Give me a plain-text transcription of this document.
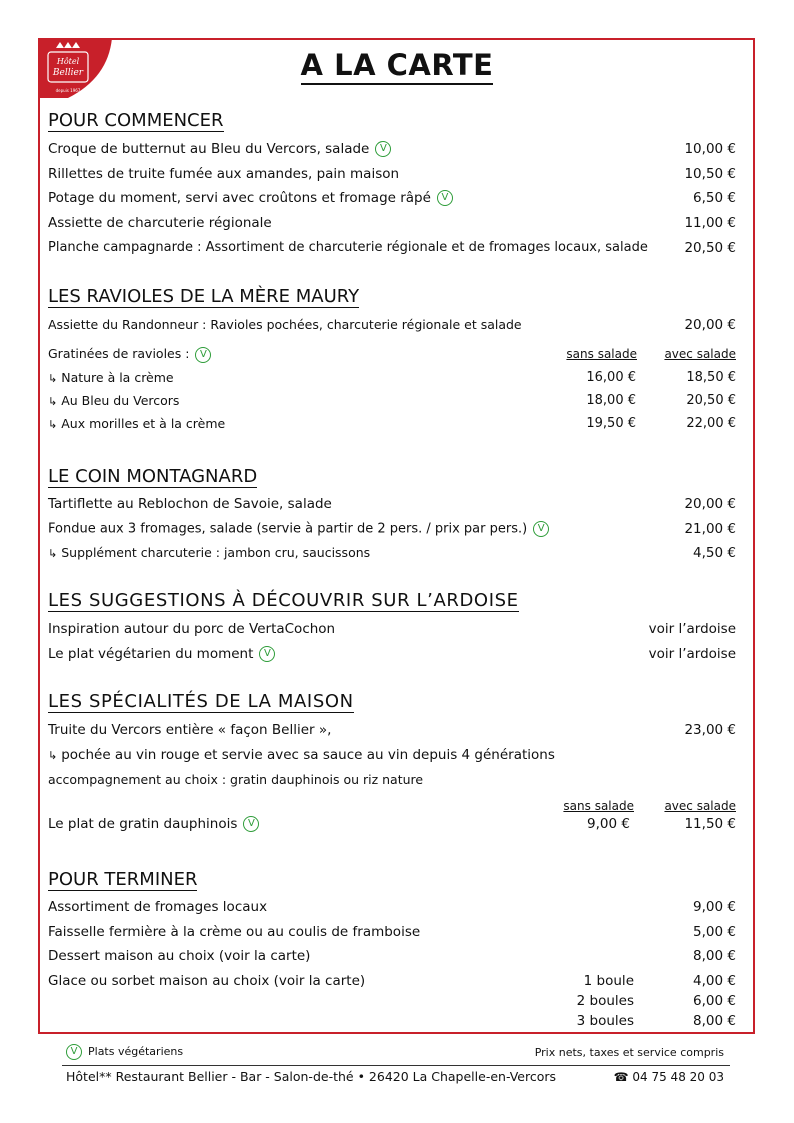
Hôtel
Bellier
depuis 1967
A LA CARTE
POUR COMMENCER
Croque de butternut au Bleu du Vercors, salade V	10,00 €
Rillettes de truite fumée aux amandes, pain maison	10,50 €
Potage du moment, servi avec croûtons et fromage râpé V	6,50 €
Assiette de charcuterie régionale	11,00 €
Planche campagnarde : Assortiment de charcuterie régionale et de fromages locaux, salade	20,50 €
LES RAVIOLES DE LA MÈRE MAURY
Assiette du Randonneur : Ravioles pochées, charcuterie régionale et salade	20,00 €
Gratinées de ravioles : V	sans salade avec salade
↳ Nature à la crème	16,00 €	18,50 €
↳ Au Bleu du Vercors	18,00 €	20,50 €
↳ Aux morilles et à la crème	19,50 €	22,00 €
LE COIN MONTAGNARD
Tartiflette au Reblochon de Savoie, salade	20,00 €
Fondue aux 3 fromages, salade (servie à partir de 2 pers. / prix par pers.) V	21,00 €
↳ Supplément charcuterie : jambon cru, saucissons	4,50 €
LES SUGGESTIONS À DÉCOUVRIR SUR L’ARDOISE
Inspiration autour du porc de VertaCochon	voir l’ardoise
Le plat végétarien du moment V	voir l’ardoise
LES SPÉCIALITÉS DE LA MAISON
Truite du Vercors entière « façon Bellier »,	23,00 €
↳ pochée au vin rouge et servie avec sa sauce au vin depuis 4 générations
accompagnement au choix : gratin dauphinois ou riz nature
sans salade	avec salade
Le plat de gratin dauphinois V	9,00 €	11,50 €
POUR TERMINER
Assortiment de fromages locaux	9,00 €
Faisselle fermière à la crème ou au coulis de framboise	5,00 €
Dessert maison au choix (voir la carte)	8,00 €
Glace ou sorbet maison au choix (voir la carte)	1 boule	4,00 €
2 boules	6,00 €
3 boules	8,00 €
V Plats végétariens	Prix nets, taxes et service compris
Hôtel** Restaurant Bellier - Bar - Salon-de-thé • 26420 La Chapelle-en-Vercors	☎ 04 75 48 20 03
